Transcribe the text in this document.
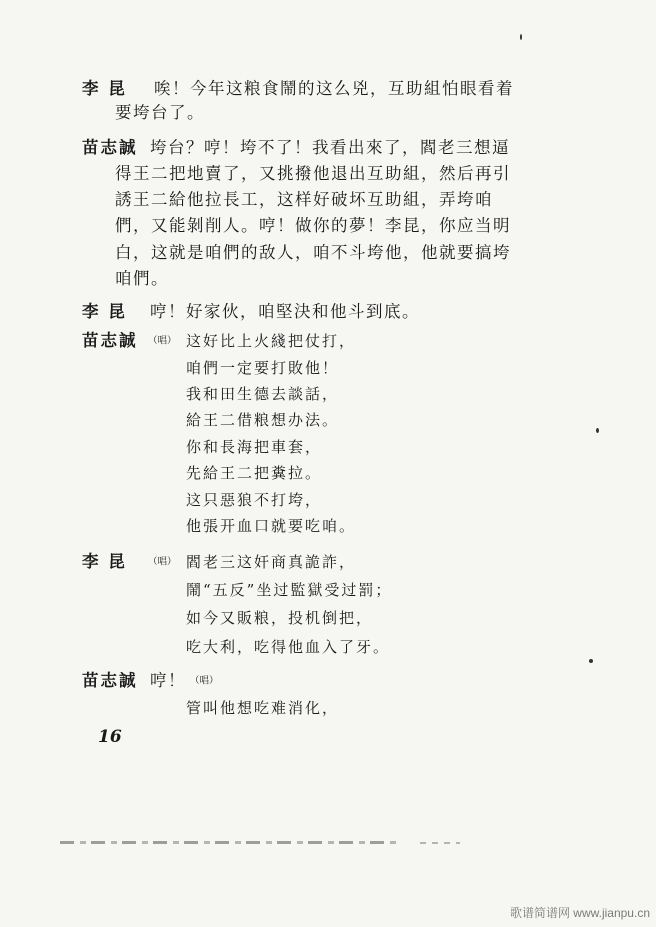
李 昆 唉！今年这粮食鬧的这么兇，互助組怕眼看着
要垮台了。
苗志誠 垮台？哼！垮不了！我看出來了，閻老三想逼
得王二把地賣了，又挑撥他退出互助組，然后再引
誘王二給他拉長工，这样好破坏互助組，弄垮咱
們，又能剝削人。哼！做你的夢！李昆，你应当明
白，这就是咱們的敌人，咱不斗垮他，他就要搞垮
咱們。
李 昆 哼！好家伙，咱堅決和他斗到底。
苗志誠 （唱） 这好比上火綫把仗打，
咱們一定要打敗他！
我和田生德去談話，
給王二借粮想办法。
你和長海把車套，
先給王二把糞拉。
这只惡狼不打垮，
他張开血口就要吃咱。
李 昆 （唱） 閻老三这奸商真詭詐，
鬧“五反”坐过監獄受过罰；
如今又販粮，投机倒把，
吃大利，吃得他血入了牙。
苗志誠 哼！ （唱）
管叫他想吃难消化，
16
歌谱简谱网 www.jianpu.cn
